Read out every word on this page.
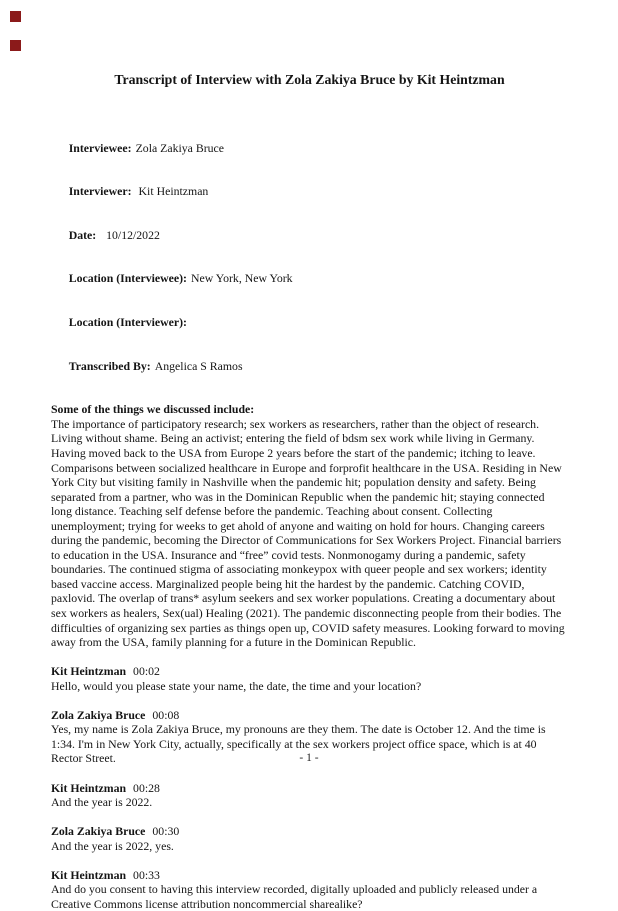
Transcript of Interview with Zola Zakiya Bruce by Kit Heintzman

Interviewee: Zola Zakiya Bruce

Interviewer: Kit Heintzman

Date:  10/12/2022

Location (Interviewee): New York, New York

Location (Interviewer):

Transcribed By: Angelica S Ramos

Some of the things we discussed include:

The importance of participatory research; sex workers as researchers, rather than the object of research. Living without shame. Being an activist; entering the field of bdsm sex work while living in Germany. Having moved back to the USA from Europe 2 years before the start of the pandemic; itching to leave. Comparisons between socialized healthcare in Europe and forprofit healthcare in the USA. Residing in New York City but visiting family in Nashville when the pandemic hit; population density and safety. Being separated from a partner, who was in the Dominican Republic when the pandemic hit; staying connected long distance. Teaching self defense before the pandemic. Teaching about consent. Collecting unemployment; trying for weeks to get ahold of anyone and waiting on hold for hours. Changing careers during the pandemic, becoming the Director of Communications for Sex Workers Project. Financial barriers to education in the USA. Insurance and “free” covid tests. Nonmonogamy during a pandemic, safety boundaries. The continued stigma of associating monkeypox with queer people and sex workers; identity based vaccine access. Marginalized people being hit the hardest by the pandemic. Catching COVID, paxlovid. The overlap of trans* asylum seekers and sex worker populations. Creating a documentary about sex workers as healers, Sex(ual) Healing (2021). The pandemic disconnecting people from their bodies. The difficulties of organizing sex parties as things open up, COVID safety measures. Looking forward to moving away from the USA, family planning for a future in the Dominican Republic.

Kit Heintzman 00:02

Hello, would you please state your name, the date, the time and your location?

Zola Zakiya Bruce 00:08

Yes, my name is Zola Zakiya Bruce, my pronouns are they them. The date is October 12. And the time is 1:34. I'm in New York City, actually, specifically at the sex workers project office space, which is at 40 Rector Street.

Kit Heintzman 00:28

And the year is 2022.

Zola Zakiya Bruce 00:30

And the year is 2022, yes.

Kit Heintzman 00:33

And do you consent to having this interview recorded, digitally uploaded and publicly released under a Creative Commons license attribution noncommercial sharealike?

- 1 -
